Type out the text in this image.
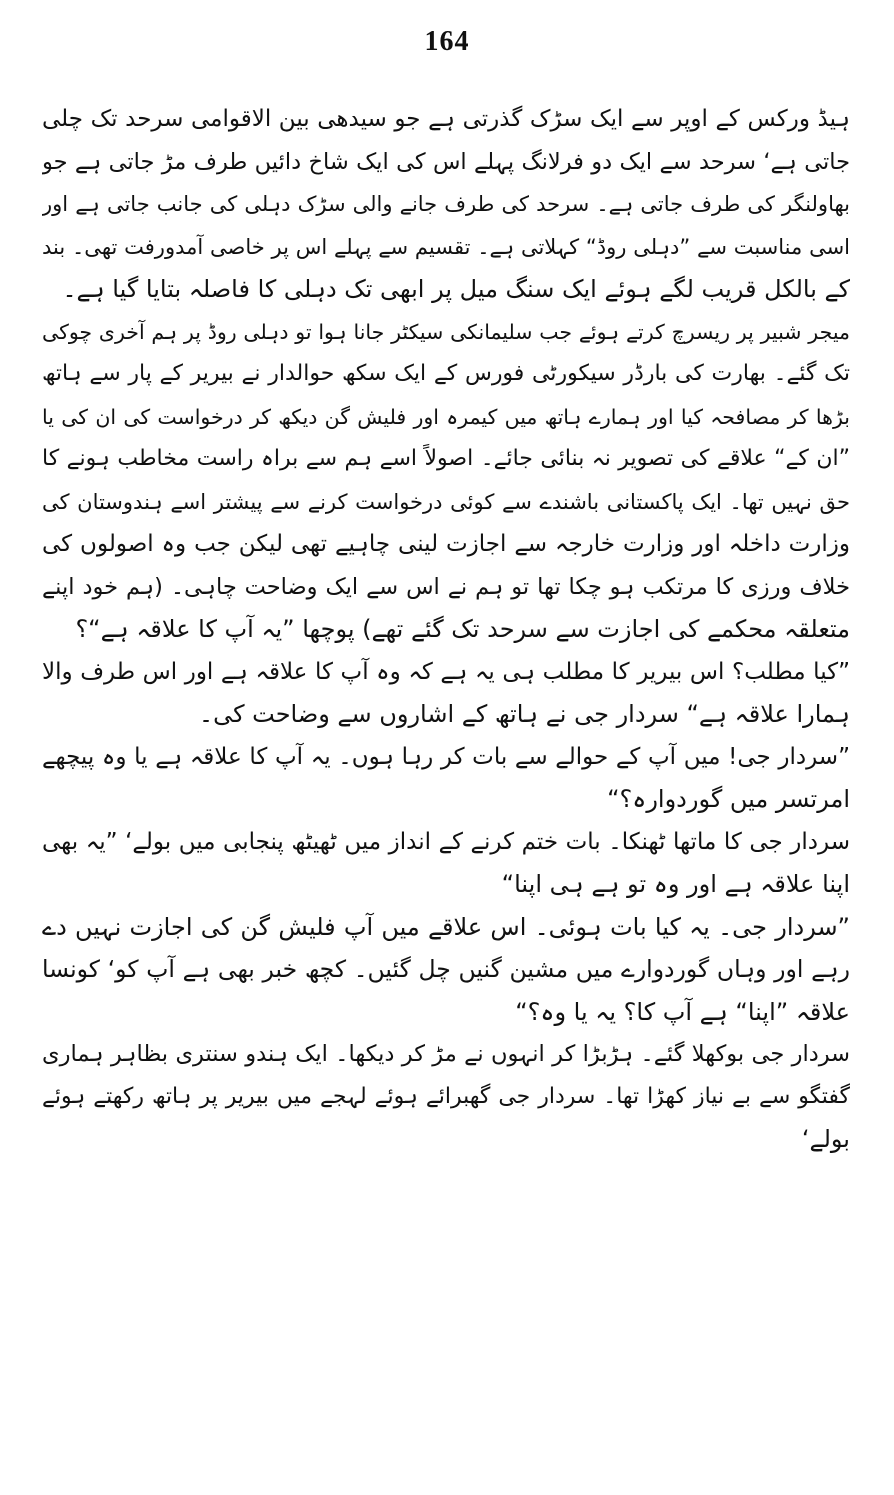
164
ہیڈ ورکس کے اوپر سے ایک سڑک گذرتی ہے جو سیدھی بین الاقوامی سرحد تک چلی
جاتی ہے‘ سرحد سے ایک دو فرلانگ پہلے اس کی ایک شاخ دائیں طرف مڑ جاتی ہے جو
بھاولنگر کی طرف جاتی ہے۔ سرحد کی طرف جانے والی سڑک دہلی کی جانب جاتی ہے اور
اسی مناسبت سے ”دہلی روڈ“ کہلاتی ہے۔ تقسیم سے پہلے اس پر خاصی آمدورفت تھی۔ بند
کے بالکل قریب لگے ہوئے ایک سنگ میل پر ابھی تک دہلی کا فاصلہ بتایا گیا ہے۔
میجر شبیر پر ریسرچ کرتے ہوئے جب سلیمانکی سیکٹر جانا ہوا تو دہلی روڈ پر ہم آخری چوکی
تک گئے۔ بھارت کی بارڈر سیکورٹی فورس کے ایک سکھ حوالدار نے بیریر کے پار سے ہاتھ
بڑھا کر مصافحہ کیا اور ہمارے ہاتھ میں کیمرہ اور فلیش گن دیکھ کر درخواست کی ان کی یا
”ان کے“ علاقے کی تصویر نہ بنائی جائے۔ اصولاً اسے ہم سے براہ راست مخاطب ہونے کا
حق نہیں تھا۔ ایک پاکستانی باشندے سے کوئی درخواست کرنے سے پیشتر اسے ہندوستان کی
وزارت داخلہ اور وزارت خارجہ سے اجازت لینی چاہیے تھی لیکن جب وہ اصولوں کی
خلاف ورزی کا مرتکب ہو چکا تھا تو ہم نے اس سے ایک وضاحت چاہی۔ (ہم خود اپنے
متعلقہ محکمے کی اجازت سے سرحد تک گئے تھے) پوچھا ”یہ آپ کا علاقہ ہے“؟
”کیا مطلب؟ اس بیریر کا مطلب ہی یہ ہے کہ وہ آپ کا علاقہ ہے اور اس طرف والا
ہمارا علاقہ ہے“ سردار جی نے ہاتھ کے اشاروں سے وضاحت کی۔
”سردار جی! میں آپ کے حوالے سے بات کر رہا ہوں۔ یہ آپ کا علاقہ ہے یا وہ پیچھے
امرتسر میں گوردوارہ؟“
سردار جی کا ماتھا ٹھنکا۔ بات ختم کرنے کے انداز میں ٹھیٹھ پنجابی میں بولے‘ ”یہ بھی
اپنا علاقہ ہے اور وہ تو ہے ہی اپنا“
”سردار جی۔ یہ کیا بات ہوئی۔ اس علاقے میں آپ فلیش گن کی اجازت نہیں دے
رہے اور وہاں گوردوارے میں مشین گنیں چل گئیں۔ کچھ خبر بھی ہے آپ کو‘ کونسا
علاقہ ”اپنا“ ہے آپ کا؟ یہ یا وہ؟“
سردار جی بوکھلا گئے۔ ہڑبڑا کر انہوں نے مڑ کر دیکھا۔ ایک ہندو سنتری بظاہر ہماری
گفتگو سے بے نیاز کھڑا تھا۔ سردار جی گھبرائے ہوئے لہجے میں بیریر پر ہاتھ رکھتے ہوئے
بولے‘
